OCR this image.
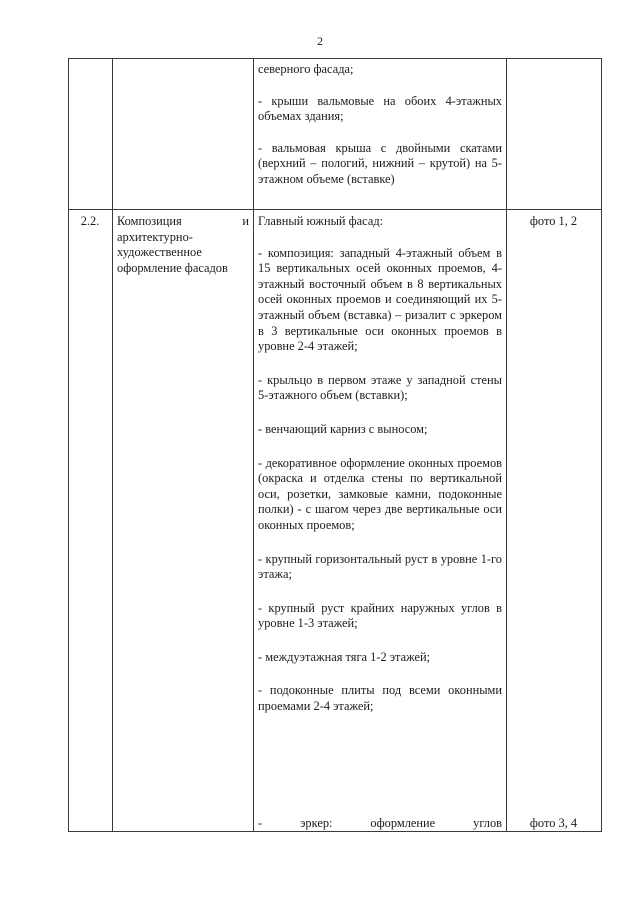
2

северного фасада;

- крыши вальмовые на обоих 4-этажных объемах здания;

- вальмовая крыша с двойными скатами (верхний – пологий, нижний – крутой) на 5-этажном объеме (вставке)

2.2.	Композиция и архитектурно-художественное оформление фасадов

Главный южный фасад:

- композиция: западный 4-этажный объем в 15 вертикальных осей оконных проемов, 4-этажный восточный объем в 8 вертикальных осей оконных проемов и соединяющий их 5-этажный объем (вставка) – ризалит с эркером в 3 вертикальные оси оконных проемов в уровне 2-4 этажей;

- крыльцо в первом этаже у западной стены 5-этажного объем (вставки);

- венчающий карниз с выносом;

- декоративное оформление оконных проемов (окраска и отделка стены по вертикальной оси, розетки, замковые камни, подоконные полки) - с шагом через две вертикальные оси оконных проемов;

- крупный горизонтальный руст в уровне 1-го этажа;

- крупный руст крайних наружных углов в уровне 1-3 этажей;

- междуэтажная тяга 1-2 этажей;

- подоконные плиты под всеми оконными проемами 2-4 этажей;

- эркер: оформление углов
фото 1, 2
фото 3, 4
